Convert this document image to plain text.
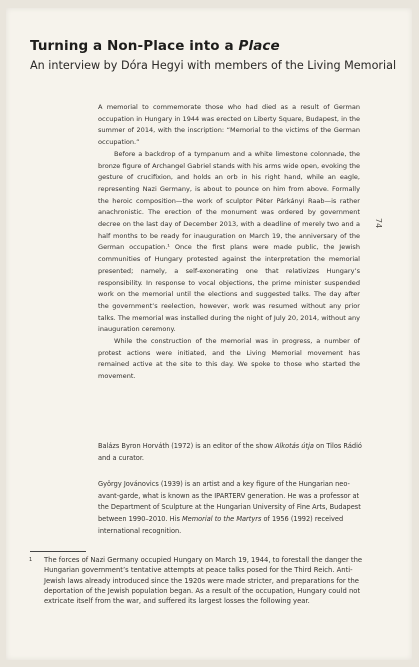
Turning a Non-Place into a Place
An interview by Dóra Hegyi with members of the Living Memorial

A memorial to commemorate those who had died as a result of German occupation in Hungary in 1944 was erected on Liberty Square, Budapest, in the summer of 2014, with the inscription: “Memorial to the victims of the German occupation.”

Before a backdrop of a tympanum and a white limestone colonnade, the bronze figure of Archangel Gabriel stands with his arms wide open, evoking the gesture of crucifixion, and holds an orb in his right hand, while an eagle, representing Nazi Germany, is about to pounce on him from above. Formally the heroic composition—the work of sculptor Péter Párkányi Raab—is rather anachronistic. The erection of the monument was ordered by government decree on the last day of December 2013, with a deadline of merely two and a half months to be ready for inauguration on March 19, the anniversary of the German occupation.¹ Once the first plans were made public, the Jewish communities of Hungary protested against the interpretation the memorial presented; namely, a self-exonerating one that relativizes Hungary’s responsibility. In response to vocal objections, the prime minister suspended work on the memorial until the elections and suggested talks. The day after the government’s reelection, however, work was resumed without any prior talks. The memorial was installed during the night of July 20, 2014, without any inauguration ceremony.

While the construction of the memorial was in progress, a number of protest actions were initiated, and the Living Memorial movement has remained active at the site to this day. We spoke to those who started the movement.

Balázs Byron Horváth (1972) is an editor of the show Alkotás útja on Tilos Rádió and a curator.

György Jovánovics (1939) is an artist and a key figure of the Hungarian neo-avant-garde, what is known as the IPARTERV generation. He was a professor at the Department of Sculpture at the Hungarian University of Fine Arts, Budapest between 1990–2010. His Memorial to the Martyrs of 1956 (1992) received international recognition.

74
1 The forces of Nazi Germany occupied Hungary on March 19, 1944, to forestall the danger the Hungarian government’s tentative attempts at peace talks posed for the Third Reich. Anti-Jewish laws already introduced since the 1920s were made stricter, and preparations for the deportation of the Jewish population began. As a result of the occupation, Hungary could not extricate itself from the war, and suffered its largest losses the following year.
